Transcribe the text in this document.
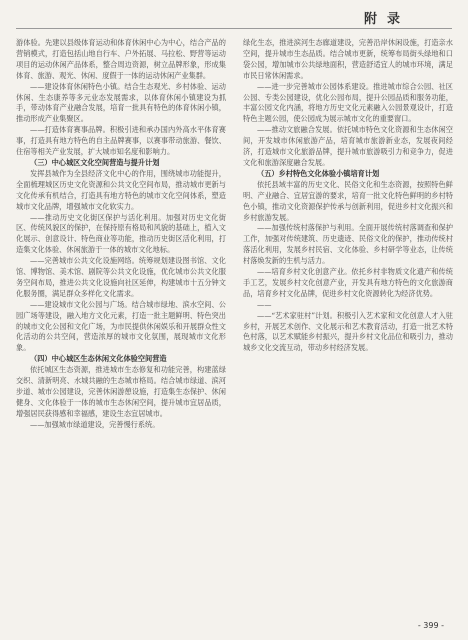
附录

游体验。先建以县级体育运动和体育休闲中心为中心，结合产品的营销模式，打造包括山地自行车、户外拓展、马拉松、野营等运动项目的运动休闲产品体系，整合周边资源，树立品牌形象，形成集体育、旅游、观光、休闲、度假于一体的运动休闲产业集群。

——建设体育休闲特色小镇。结合生态观光、乡村体验、运动休闲、生态康养等多元业态发展需求，以体育休闲小镇建设为抓手，带动体育产业融合发展，培育一批具有特色的体育休闲小镇，推动形成产业集聚区。

——打造体育赛事品牌。积极引进和承办国内外高水平体育赛事，打造具有地方特色的自主品牌赛事，以赛事带动旅游、餐饮、住宿等相关产业发展，扩大城市知名度和影响力。

（三）中心城区文化空间营造与提升计划

发挥县城作为全县经济文化中心的作用，围绕城市功能提升，全面梳理城区历史文化资源和公共文化空间布局，推动城市更新与文化传承有机结合，打造具有地方特色的城市文化空间体系，塑造城市文化品牌，增强城市文化软实力。

——推动历史文化街区保护与活化利用。加强对历史文化街区、传统风貌区的保护，在保持原有格局和风貌的基础上，植入文化展示、创意设计、特色商业等功能，推动历史街区活化利用，打造集文化体验、休闲旅游于一体的城市文化地标。

——完善城市公共文化设施网络。统筹规划建设图书馆、文化馆、博物馆、美术馆、剧院等公共文化设施，优化城市公共文化服务空间布局，推进公共文化设施向社区延伸，构建城市十五分钟文化服务圈，满足群众多样化文化需求。

——建设城市文化公园与广场。结合城市绿地、滨水空间、公园广场等建设，融入地方文化元素，打造一批主题鲜明、特色突出的城市文化公园和文化广场，为市民提供休闲娱乐和开展群众性文化活动的公共空间，营造浓厚的城市文化氛围，展现城市文化形象。

（四）中心城区生态休闲文化体验空间营造

依托城区生态资源，推进城市生态修复和功能完善，构建蓝绿交织、清新明亮、水城共融的生态城市格局。结合城市绿道、滨河步道、城市公园建设，完善休闲游憩设施，打造集生态保护、休闲健身、文化体验于一体的城市生态休闲空间，提升城市宜居品质，增强居民获得感和幸福感，建设生态宜居城市。

——加强城市绿道建设，完善慢行系统。

绿化生态，推进滨河生态廊道建设，完善沿岸休闲设施，打造亲水空间，提升城市生态品质。结合城市更新，统筹布局街头绿地和口袋公园，增加城市公共绿地面积，营造舒适宜人的城市环境，满足市民日常休闲需求。

——进一步完善城市公园体系建设。推进城市综合公园、社区公园、专类公园建设，优化公园布局，提升公园品质和服务功能，丰富公园文化内涵，将地方历史文化元素融入公园景观设计，打造特色主题公园，使公园成为展示城市文化的重要窗口。

——推动文旅融合发展。依托城市特色文化资源和生态休闲空间，开发城市休闲旅游产品，培育城市旅游新业态，发展夜间经济，打造城市文化旅游品牌，提升城市旅游吸引力和竞争力，促进文化和旅游深度融合发展。

（五）乡村特色文化体验小镇培育计划

依托县域丰富的历史文化、民俗文化和生态资源，按照特色鲜明、产业融合、宜居宜游的要求，培育一批文化特色鲜明的乡村特色小镇，推动文化资源保护传承与创新利用，促进乡村文化振兴和乡村旅游发展。

——加强传统村落保护与利用。全面开展传统村落调查和保护工作，加强对传统建筑、历史遗迹、民俗文化的保护，推动传统村落活化利用，发展乡村民宿、文化体验、乡村研学等业态，让传统村落焕发新的生机与活力。

——培育乡村文化创意产业。依托乡村非物质文化遗产和传统手工艺，发展乡村文化创意产业，开发具有地方特色的文化旅游商品，培育乡村文化品牌，促进乡村文化资源转化为经济优势。

——

——“艺术家驻村”计划。积极引入艺术家和文化创意人才入驻乡村，开展艺术创作、文化展示和艺术教育活动，打造一批艺术特色村落，以艺术赋能乡村振兴，提升乡村文化品位和吸引力，推动城乡文化交流互动，带动乡村经济发展。

- 399 -
